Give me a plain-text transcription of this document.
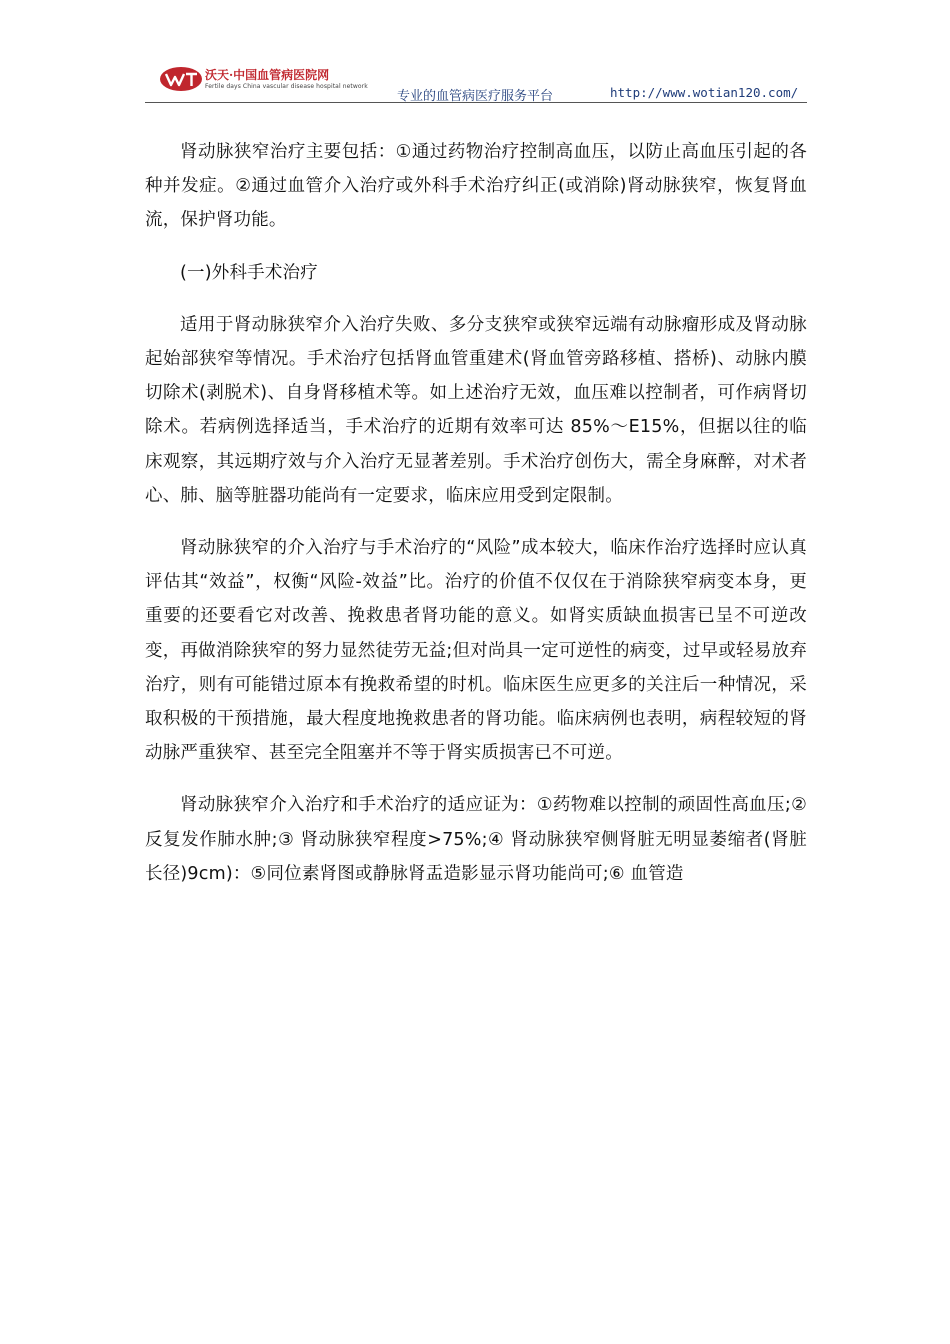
沃天·中国血管病医院网
Fertile days China vascular disease hospital network
专业的血管病医疗服务平台	http://www.wotian120.com/

肾动脉狭窄治疗主要包括：①通过药物治疗控制高血压，以防止高血压引起的各种并发症。②通过血管介入治疗或外科手术治疗纠正(或消除)肾动脉狭窄，恢复肾血流，保护肾功能。

(一)外科手术治疗

适用于肾动脉狭窄介入治疗失败、多分支狭窄或狭窄远端有动脉瘤形成及肾动脉起始部狭窄等情况。手术治疗包括肾血管重建术(肾血管旁路移植、搭桥)、动脉内膜切除术(剥脱术)、自身肾移植术等。如上述治疗无效，血压难以控制者，可作病肾切除术。若病例选择适当，手术治疗的近期有效率可达 85%～E15%，但据以往的临床观察，其远期疗效与介入治疗无显著差别。手术治疗创伤大，需全身麻醉，对术者心、肺、脑等脏器功能尚有一定要求，临床应用受到定限制。

肾动脉狭窄的介入治疗与手术治疗的“风险”成本较大，临床作治疗选择时应认真评估其“效益”，权衡“风险-效益”比。治疗的价值不仅仅在于消除狭窄病变本身，更重要的还要看它对改善、挽救患者肾功能的意义。如肾实质缺血损害已呈不可逆改变，再做消除狭窄的努力显然徒劳无益;但对尚具一定可逆性的病变，过早或轻易放弃治疗，则有可能错过原本有挽救希望的时机。临床医生应更多的关注后一种情况，采取积极的干预措施，最大程度地挽救患者的肾功能。临床病例也表明，病程较短的肾动脉严重狭窄、甚至完全阻塞并不等于肾实质损害已不可逆。

肾动脉狭窄介入治疗和手术治疗的适应证为：①药物难以控制的顽固性高血压;② 反复发作肺水肿;③ 肾动脉狭窄程度>75%;④ 肾动脉狭窄侧肾脏无明显萎缩者(肾脏长径)9cm)：⑤同位素肾图或静脉肾盂造影显示肾功能尚可;⑥ 血管造
